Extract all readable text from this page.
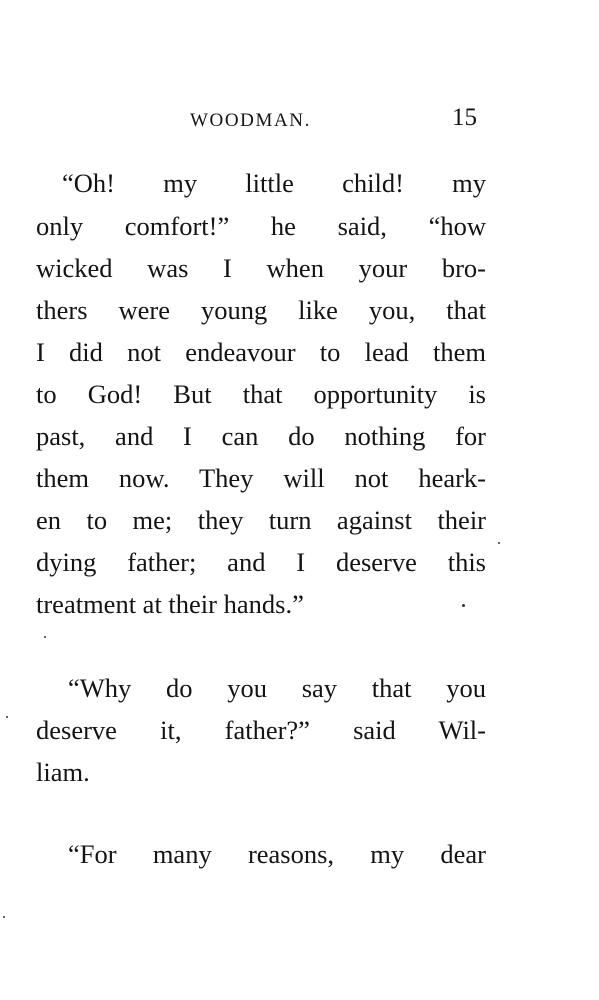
WOODMAN.	15
“Oh! my little child! my
only comfort!” he said, “how
wicked was I when your bro-
thers were young like you, that
I did not endeavour to lead them
to God! But that opportunity is
past, and I can do nothing for
them now. They will not heark-
en to me; they turn against their
dying father; and I deserve this
treatment at their hands.”
“Why do you say that you
deserve it, father?” said Wil-
liam.
“For many reasons, my dear
